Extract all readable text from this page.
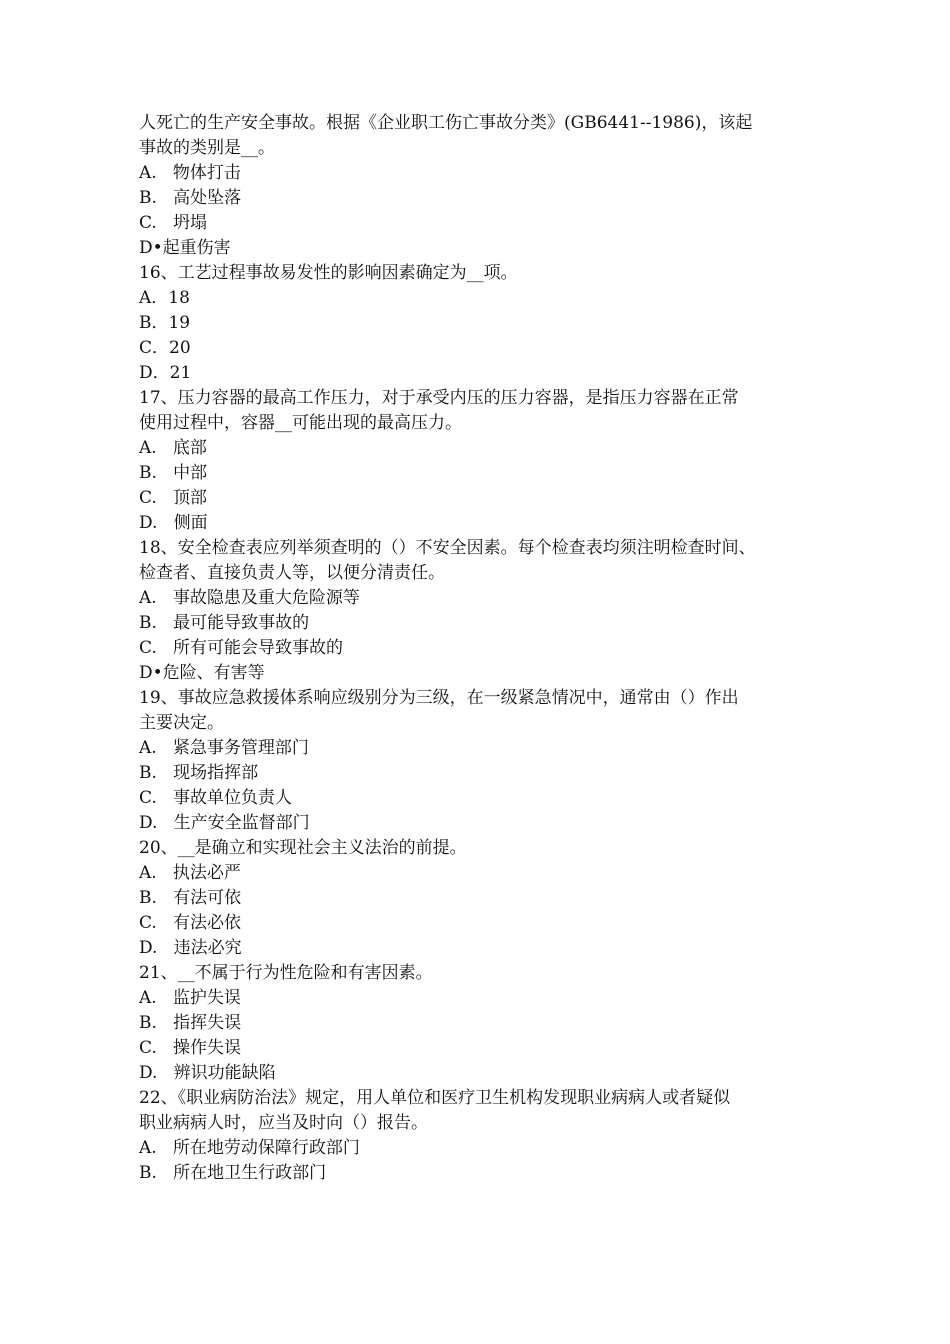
人死亡的生产安全事故。根据《企业职工伤亡事故分类》(GB6441--1986)，该起
事故的类别是__。
A.   物体打击
B.   高处坠落
C.   坍塌
D•起重伤害
16、工艺过程事故易发性的影响因素确定为__项。
A．18
B．19
C．20
D．21
17、压力容器的最高工作压力，对于承受内压的压力容器，是指压力容器在正常
使用过程中，容器__可能出现的最高压力。
A.   底部
B.   中部
C.   顶部
D.   侧面
18、安全检查表应列举须查明的（）不安全因素。每个检查表均须注明检查时间、
检查者、直接负责人等，以便分清责任。
A.   事故隐患及重大危险源等
B.   最可能导致事故的
C.   所有可能会导致事故的
D•危险、有害等
19、事故应急救援体系响应级别分为三级，在一级紧急情况中，通常由（）作出
主要决定。
A.   紧急事务管理部门
B.   现场指挥部
C.   事故单位负责人
D.   生产安全监督部门
20、__是确立和实现社会主义法治的前提。
A.   执法必严
B.   有法可依
C.   有法必依
D.   违法必究
21、__不属于行为性危险和有害因素。
A.   监护失误
B.   指挥失误
C.   操作失误
D.   辨识功能缺陷
22、《职业病防治法》规定，用人单位和医疗卫生机构发现职业病病人或者疑似
职业病病人时，应当及时向（）报告。
A.   所在地劳动保障行政部门
B.   所在地卫生行政部门
